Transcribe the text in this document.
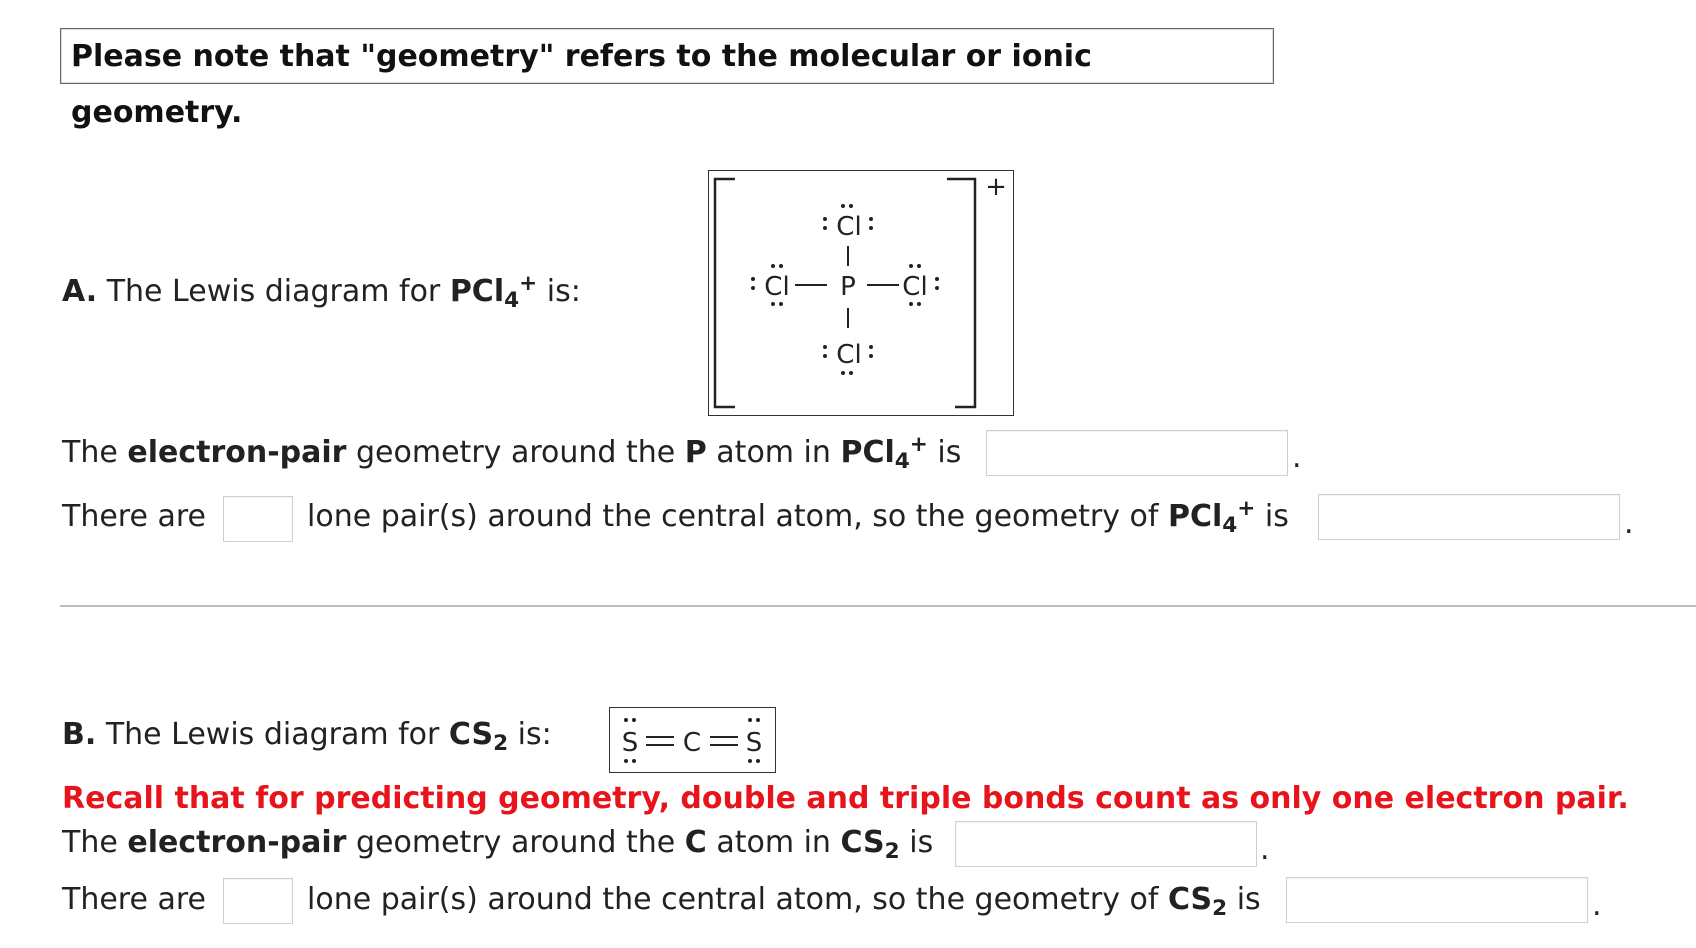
Please note that "geometry" refers to the molecular or ionic geometry.
A. The Lewis diagram for PCl$_4$+ is:
+
Cl
Cl P Cl
Cl
The electron-pair geometry around the P atom in PCl$_4$+ is	.
There are	lone pair(s) around the central atom, so the geometry of PCl$_4$+ is	.
B. The Lewis diagram for $CS_2$ is:	S C S
Recall that for predicting geometry, double and triple bonds count as only one electron pair.
The electron-pair geometry around the C atom in $CS_2$ is	.
There are	lone pair(s) around the central atom, so the geometry of $CS_2$ is	.
